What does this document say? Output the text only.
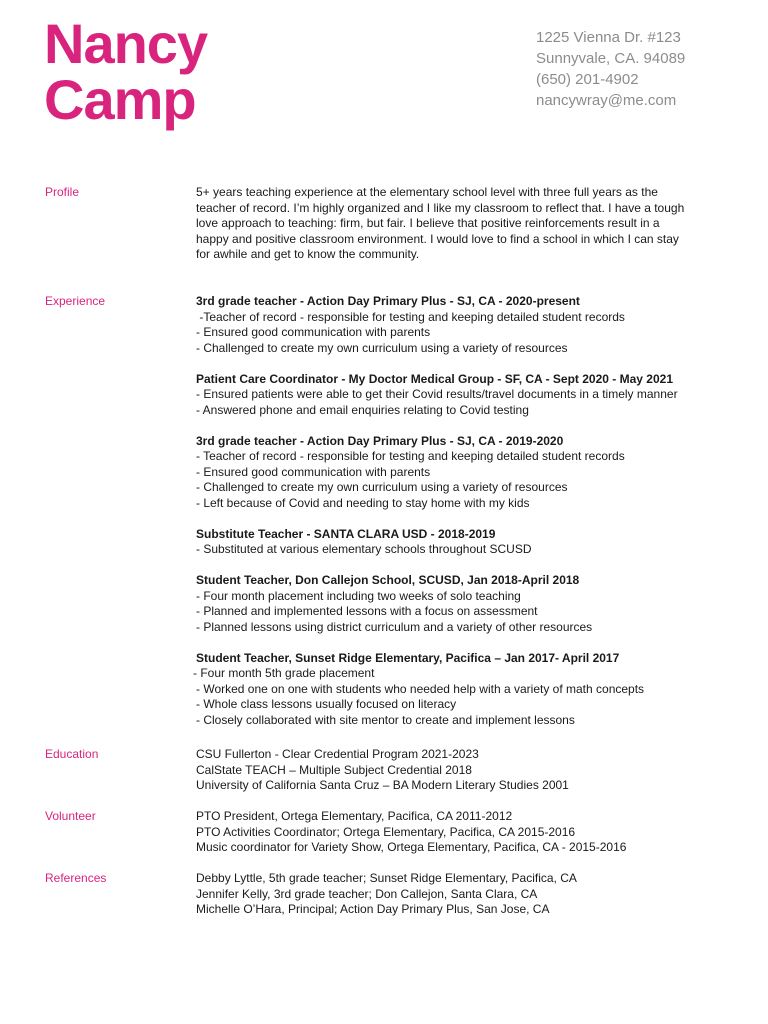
Nancy
Camp
1225 Vienna Dr. #123
Sunnyvale, CA. 94089
(650) 201-4902
nancywray@me.com
Profile	5+ years teaching experience at the elementary school level with three full years as the
teacher of record. I’m highly organized and I like my classroom to reflect that. I have a tough
love approach to teaching: firm, but fair. I believe that positive reinforcements result in a
happy and positive classroom environment. I would love to find a school in which I can stay
for awhile and get to know the community.
Experience	3rd grade teacher - Action Day Primary Plus - SJ, CA - 2020-present
-Teacher of record - responsible for testing and keeping detailed student records
- Ensured good communication with parents
- Challenged to create my own curriculum using a variety of resources
Patient Care Coordinator - My Doctor Medical Group - SF, CA - Sept 2020 - May 2021
- Ensured patients were able to get their Covid results/travel documents in a timely manner
- Answered phone and email enquiries relating to Covid testing
3rd grade teacher - Action Day Primary Plus - SJ, CA - 2019-2020
- Teacher of record - responsible for testing and keeping detailed student records
- Ensured good communication with parents
- Challenged to create my own curriculum using a variety of resources
- Left because of Covid and needing to stay home with my kids
Substitute Teacher - SANTA CLARA USD - 2018-2019
- Substituted at various elementary schools throughout SCUSD
Student Teacher, Don Callejon School, SCUSD, Jan 2018-April 2018
- Four month placement including two weeks of solo teaching
- Planned and implemented lessons with a focus on assessment
- Planned lessons using district curriculum and a variety of other resources
Student Teacher, Sunset Ridge Elementary, Pacifica – Jan 2017- April 2017
- Four month 5th grade placement
- Worked one on one with students who needed help with a variety of math concepts
- Whole class lessons usually focused on literacy
- Closely collaborated with site mentor to create and implement lessons
Education	CSU Fullerton - Clear Credential Program 2021-2023
CalState TEACH – Multiple Subject Credential 2018
University of California Santa Cruz – BA Modern Literary Studies 2001
Volunteer	PTO President, Ortega Elementary, Pacifica, CA 2011-2012
PTO Activities Coordinator; Ortega Elementary, Pacifica, CA 2015-2016
Music coordinator for Variety Show, Ortega Elementary, Pacifica, CA - 2015-2016
References	Debby Lyttle, 5th grade teacher; Sunset Ridge Elementary, Pacifica, CA
Jennifer Kelly, 3rd grade teacher; Don Callejon, Santa Clara, CA
Michelle O’Hara, Principal; Action Day Primary Plus, San Jose, CA
